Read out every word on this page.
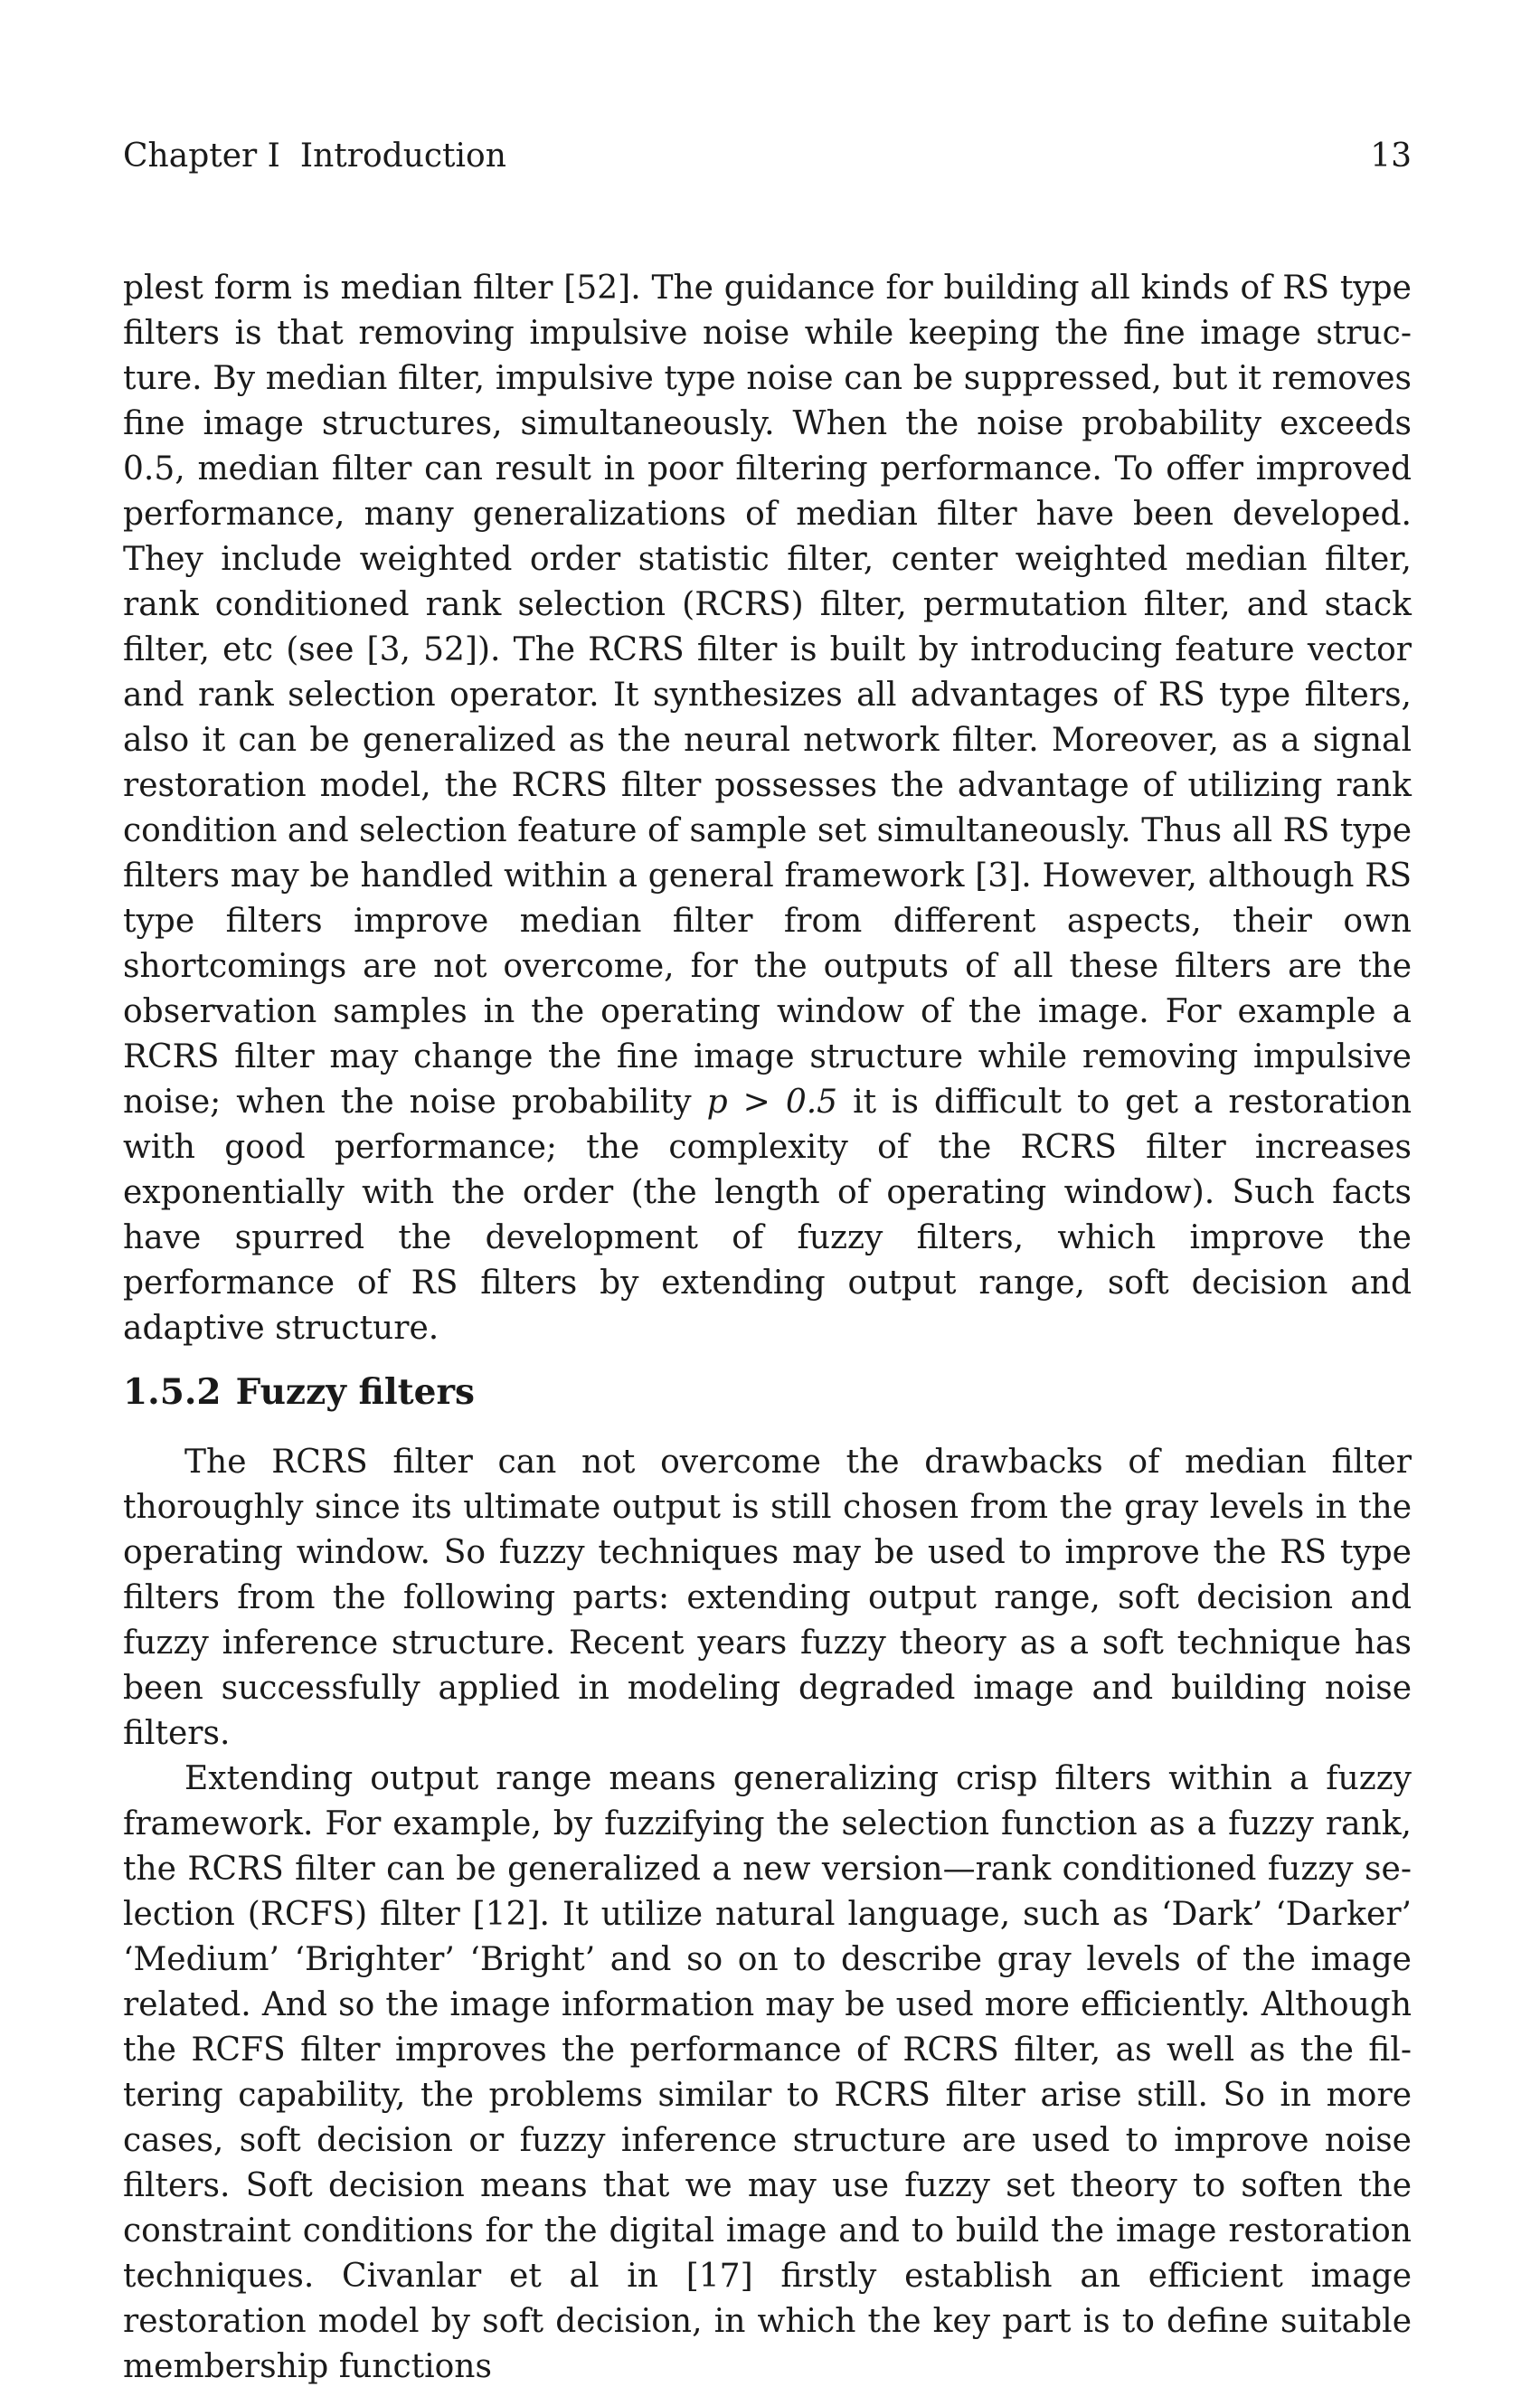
Chapter I Introduction	13

plest form is median filter [52]. The guidance for building all kinds of RS type filters is that removing impulsive noise while keeping the fine image structure. By median filter, impulsive type noise can be suppressed, but it removes fine image structures, simultaneously. When the noise probability exceeds 0.5, median filter can result in poor filtering performance. To offer improved performance, many generalizations of median filter have been developed. They include weighted order statistic filter, center weighted median filter, rank conditioned rank selection (RCRS) filter, permutation filter, and stack filter, etc (see [3, 52]). The RCRS filter is built by introducing feature vector and rank selection operator. It synthesizes all advantages of RS type filters, also it can be generalized as the neural network filter. Moreover, as a signal restoration model, the RCRS filter possesses the advantage of utilizing rank condition and selection feature of sample set simultaneously. Thus all RS type filters may be handled within a general framework [3]. However, although RS type filters improve median filter from different aspects, their own shortcomings are not overcome, for the outputs of all these filters are the observation samples in the operating window of the image. For example a RCRS filter may change the fine image structure while removing impulsive noise; when the noise probability p > 0.5 it is difficult to get a restoration with good performance; the complexity of the RCRS filter increases exponentially with the order (the length of operating window). Such facts have spurred the development of fuzzy filters, which improve the performance of RS filters by extending output range, soft decision and adaptive structure.

1.5.2 Fuzzy filters

The RCRS filter can not overcome the drawbacks of median filter thoroughly since its ultimate output is still chosen from the gray levels in the operating window. So fuzzy techniques may be used to improve the RS type filters from the following parts: extending output range, soft decision and fuzzy inference structure. Recent years fuzzy theory as a soft technique has been successfully applied in modeling degraded image and building noise filters.

Extending output range means generalizing crisp filters within a fuzzy framework. For example, by fuzzifying the selection function as a fuzzy rank, the RCRS filter can be generalized a new version—rank conditioned fuzzy selection (RCFS) filter [12]. It utilize natural language, such as ‘Dark’ ‘Darker’ ‘Medium’ ‘Brighter’ ‘Bright’ and so on to describe gray levels of the image related. And so the image information may be used more efficiently. Although the RCFS filter improves the performance of RCRS filter, as well as the filtering capability, the problems similar to RCRS filter arise still. So in more cases, soft decision or fuzzy inference structure are used to improve noise filters. Soft decision means that we may use fuzzy set theory to soften the constraint conditions for the digital image and to build the image restoration techniques. Civanlar et al in [17] firstly establish an efficient image restoration model by soft decision, in which the key part is to define suitable membership functions
